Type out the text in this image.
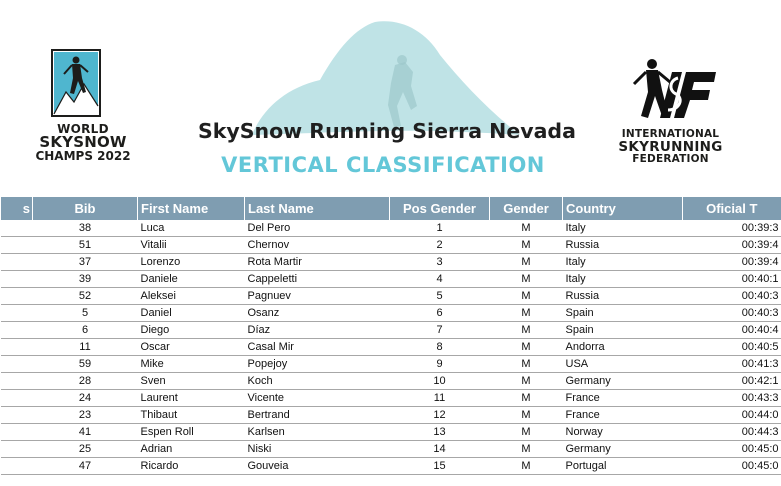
WORLD
SKYSNOW
CHAMPS 2022
SkySnow Running Sierra Nevada
VERTICAL CLASSIFICATION
INTERNATIONAL
SKYRUNNING
FEDERATION
s	Bib	First Name	Last Name	Pos Gender	Gender	Country	Oficial T
	38	Luca	Del Pero	1	M	Italy	00:39:3
	51	Vitalii	Chernov	2	M	Russia	00:39:4
	37	Lorenzo	Rota Martir	3	M	Italy	00:39:4
	39	Daniele	Cappeletti	4	M	Italy	00:40:1
	52	Aleksei	Pagnuev	5	M	Russia	00:40:3
	5	Daniel	Osanz	6	M	Spain	00:40:3
	6	Diego	Díaz	7	M	Spain	00:40:4
	11	Oscar	Casal Mir	8	M	Andorra	00:40:5
	59	Mike	Popejoy	9	M	USA	00:41:3
	28	Sven	Koch	10	M	Germany	00:42:1
	24	Laurent	Vicente	11	M	France	00:43:3
	23	Thibaut	Bertrand	12	M	France	00:44:0
	41	Espen Roll	Karlsen	13	M	Norway	00:44:3
	25	Adrian	Niski	14	M	Germany	00:45:0
	47	Ricardo	Gouveia	15	M	Portugal	00:45:0
